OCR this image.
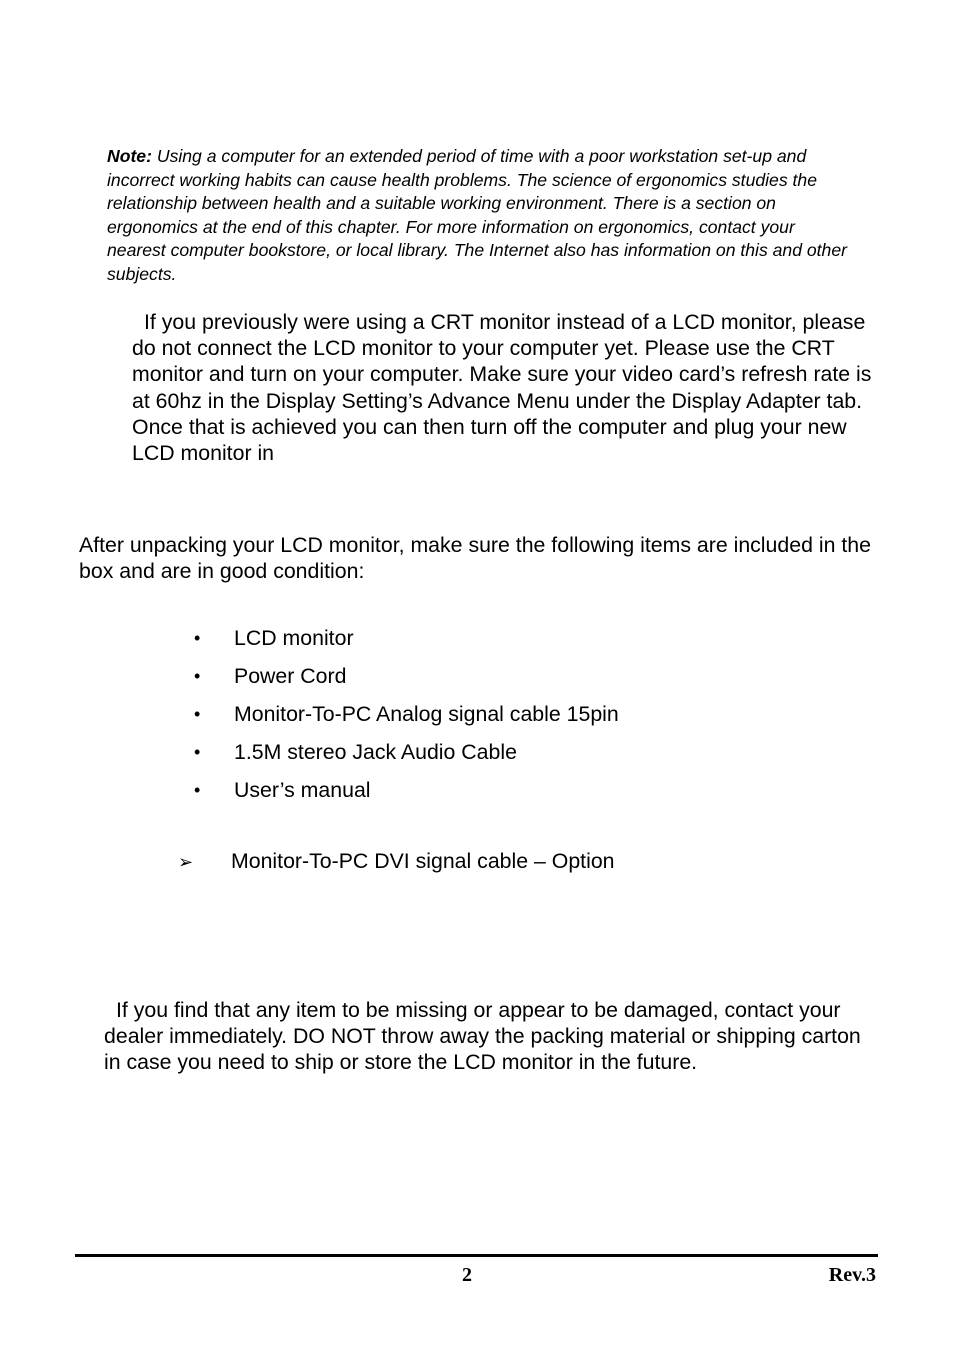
Note: Using a computer for an extended period of time with a poor workstation set-up and incorrect working habits can cause health problems. The science of ergonomics studies the relationship between health and a suitable working environment. There is a section on ergonomics at the end of this chapter. For more information on ergonomics, contact your nearest computer bookstore, or local library. The Internet also has information on this and other subjects.
If you previously were using a CRT monitor instead of a LCD monitor, please do not connect the LCD monitor to your computer yet. Please use the CRT monitor and turn on your computer. Make sure your video card’s refresh rate is at 60hz in the Display Setting’s Advance Menu under the Display Adapter tab. Once that is achieved you can then turn off the computer and plug your new LCD monitor in
After unpacking your LCD monitor, make sure the following items are included in the box and are in good condition:
•	LCD monitor
•	Power Cord
•	Monitor-To-PC Analog signal cable 15pin
•	1.5M stereo Jack Audio Cable
•	User’s manual
➢ Monitor-To-PC DVI signal cable – Option
If you find that any item to be missing or appear to be damaged, contact your dealer immediately. DO NOT throw away the packing material or shipping carton in case you need to ship or store the LCD monitor in the future.
2	Rev.3
